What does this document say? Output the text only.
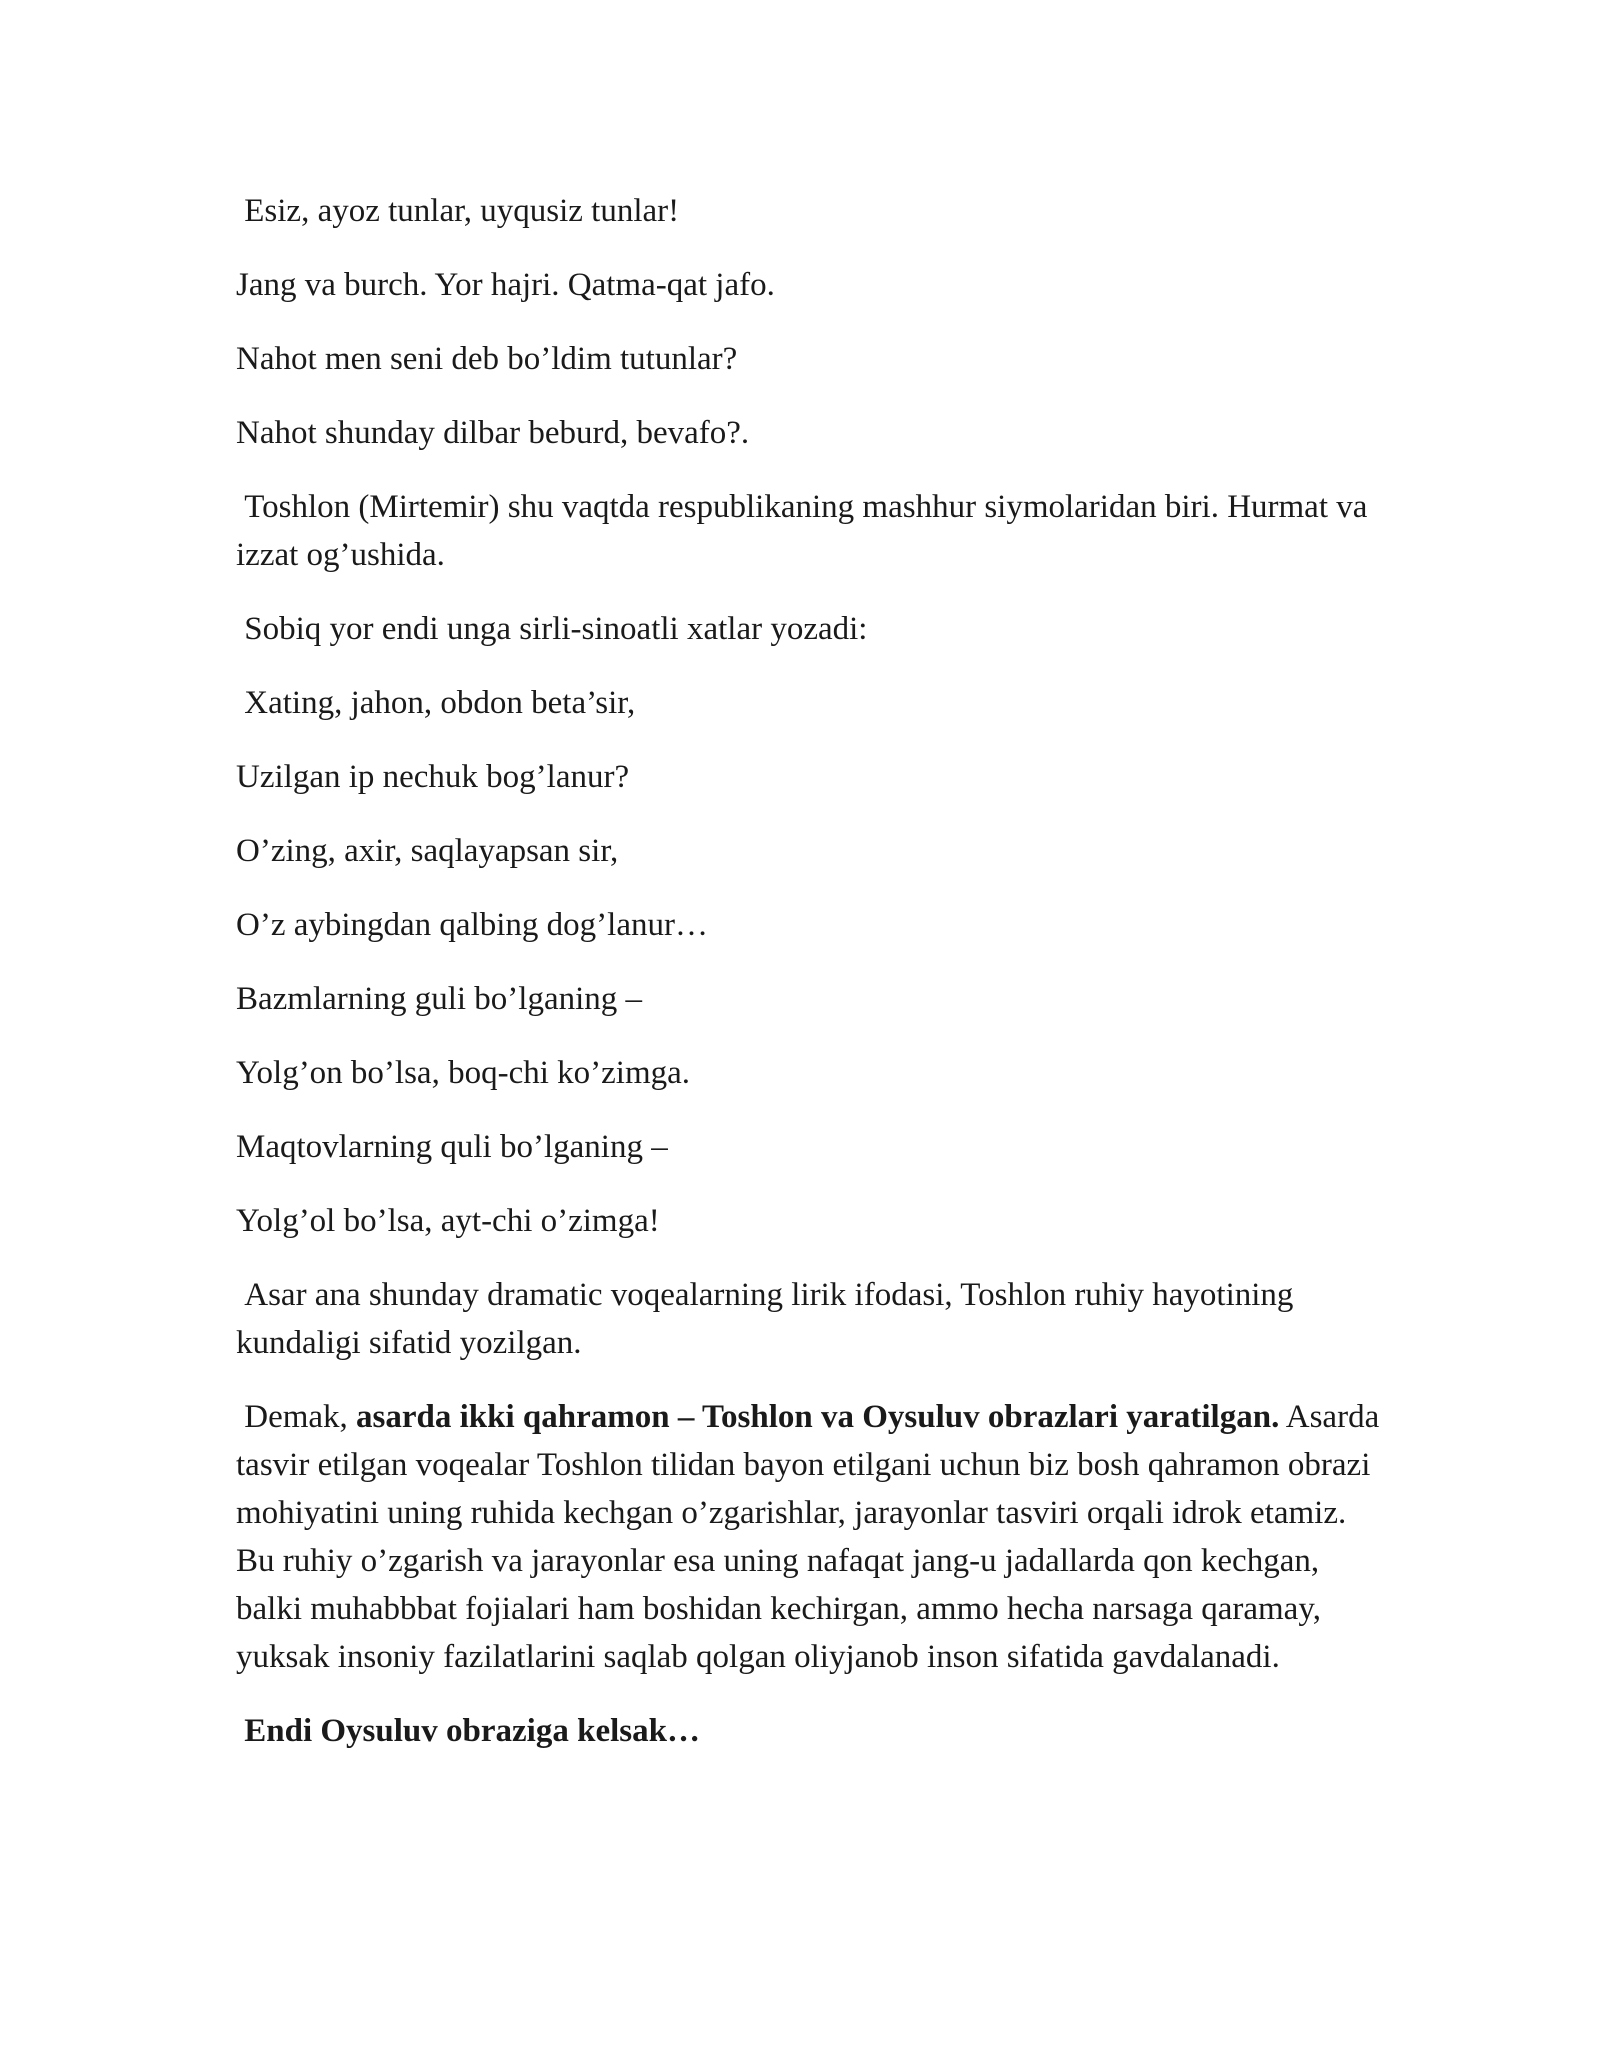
Esiz, ayoz tunlar, uyqusiz tunlar!

Jang va burch. Yor hajri. Qatma-qat jafo.

Nahot men seni deb bo’ldim tutunlar?

Nahot shunday dilbar beburd, bevafo?.

Toshlon (Mirtemir) shu vaqtda respublikaning mashhur siymolaridan biri. Hurmat va izzat og’ushida.

Sobiq yor endi unga sirli-sinoatli xatlar yozadi:

Xating, jahon, obdon beta’sir,

Uzilgan ip nechuk bog’lanur?

O’zing, axir, saqlayapsan sir,

O’z aybingdan qalbing dog’lanur…

Bazmlarning guli bo’lganing –

Yolg’on bo’lsa, boq-chi ko’zimga.

Maqtovlarning quli bo’lganing –

Yolg’ol bo’lsa, ayt-chi o’zimga!

Asar ana shunday dramatic voqealarning lirik ifodasi, Toshlon ruhiy hayotining kundaligi sifatid yozilgan.

Demak, asarda ikki qahramon – Toshlon va Oysuluv obrazlari yaratilgan. Asarda tasvir etilgan voqealar Toshlon tilidan bayon etilgani uchun biz bosh qahramon obrazi mohiyatini uning ruhida kechgan o’zgarishlar, jarayonlar tasviri orqali idrok etamiz. Bu ruhiy o’zgarish va jarayonlar esa uning nafaqat jang-u jadallarda qon kechgan, balki muhabbbat fojialari ham boshidan kechirgan, ammo hecha narsaga qaramay, yuksak insoniy fazilatlarini saqlab qolgan oliyjanob inson sifatida gavdalanadi.

Endi Oysuluv obraziga kelsak…
